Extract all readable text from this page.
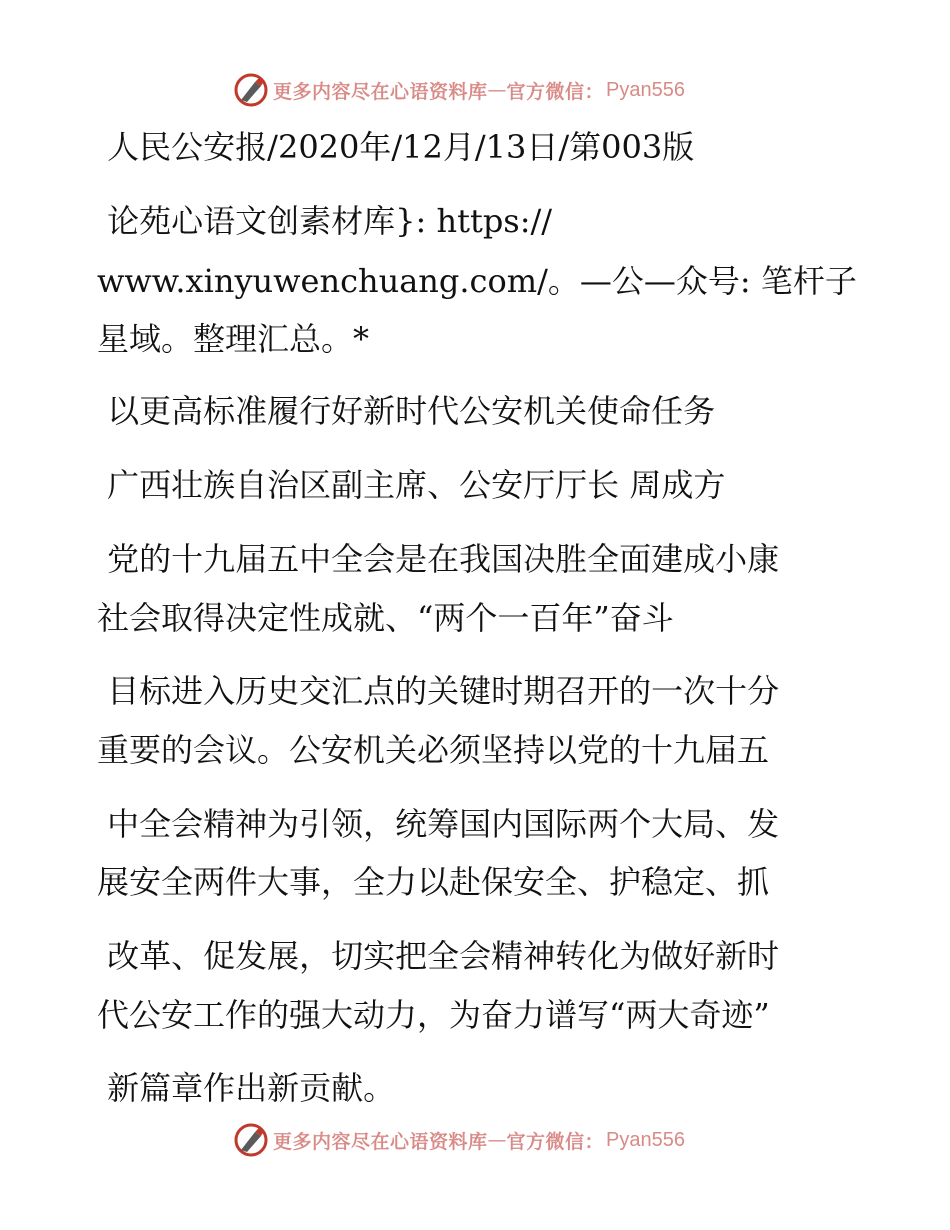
更多内容尽在心语资料库 — 官方微信： Pyan556
人民公安报/2020年/12月/13日/第003版
论苑心语文创素材库}: https://
www.xinyuwenchuang.com/。—公—众号: 笔杆子
星域。整理汇总。*
以更高标准履行好新时代公安机关使命任务
广西壮族自治区副主席、公安厅厅长 周成方
党的十九届五中全会是在我国决胜全面建成小康
社会取得决定性成就、“两个一百年”奋斗
目标进入历史交汇点的关键时期召开的一次十分
重要的会议。公安机关必须坚持以党的十九届五
中全会精神为引领，统筹国内国际两个大局、发
展安全两件大事，全力以赴保安全、护稳定、抓
改革、促发展，切实把全会精神转化为做好新时
代公安工作的强大动力，为奋力谱写“两大奇迹”
新篇章作出新贡献。
更多内容尽在心语资料库 — 官方微信： Pyan556
